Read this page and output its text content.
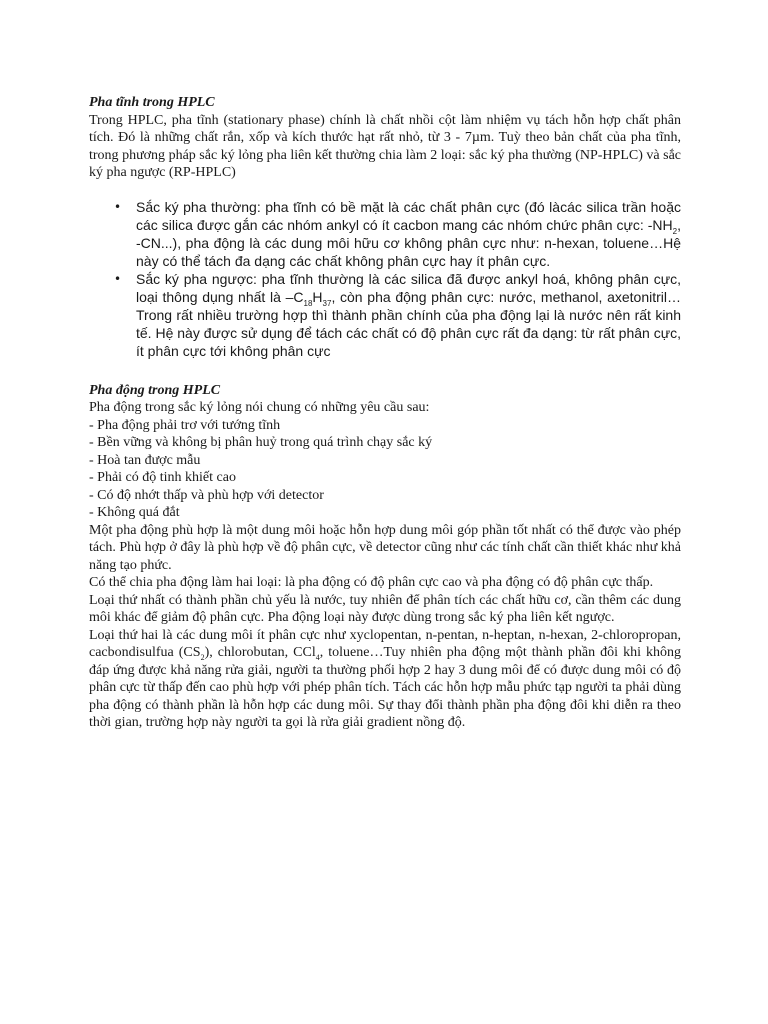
Pha tĩnh trong HPLC

Trong HPLC, pha tĩnh (stationary phase) chính là chất nhồi cột làm nhiệm vụ tách hỗn hợp chất phân tích. Đó là những chất rắn, xốp và kích thước hạt rất nhỏ, từ 3 - 7µm. Tuỳ theo bản chất của pha tĩnh, trong phương pháp sắc ký lỏng pha liên kết thường chia làm 2 loại: sắc ký pha thường (NP-HPLC) và sắc ký pha ngược (RP-HPLC)

• Sắc ký pha thường: pha tĩnh có bề mặt là các chất phân cực (đó làcác silica trần hoặc các silica được gắn các nhóm ankyl có ít cacbon mang các nhóm chức phân cực: $-NH_2$, -CN...), pha động là các dung môi hữu cơ không phân cực như: n-hexan, toluene…Hệ này có thể tách đa dạng các chất không phân cực hay ít phân cực.
• Sắc ký pha ngược: pha tĩnh thường là các silica đã được ankyl hoá, không phân cực, loại thông dụng nhất là $-C_{18}H_{37}$, còn pha động phân cực: nước, methanol, axetonitril…Trong rất nhiều trường hợp thì thành phần chính của pha động lại là nước nên rất kinh tế. Hệ này được sử dụng để tách các chất có độ phân cực rất đa dạng: từ rất phân cực, ít phân cực tới không phân cực

Pha động trong HPLC

Pha động trong sắc ký lỏng nói chung có những yêu cầu sau:

- Pha động phải trơ với tướng tĩnh

- Bền vững và không bị phân huỷ trong quá trình chạy sắc ký

- Hoà tan được mẫu

- Phải có độ tinh khiết cao

- Có độ nhớt thấp và phù hợp với detector

- Không quá đắt

Một pha động phù hợp là một dung môi hoặc hỗn hợp dung môi góp phần tốt nhất có thể được vào phép tách. Phù hợp ở đây là phù hợp về độ phân cực, về detector cũng như các tính chất cần thiết khác như khả năng tạo phức.

Có thể chia pha động làm hai loại: là pha động có độ phân cực cao và pha động có độ phân cực thấp.

Loại thứ nhất có thành phần chủ yếu là nước, tuy nhiên để phân tích các chất hữu cơ, cần thêm các dung môi khác để giảm độ phân cực. Pha động loại này được dùng trong sắc ký pha liên kết ngược.

Loại thứ hai là các dung môi ít phân cực như xyclopentan, n-pentan, n-heptan, n-hexan, 2-chloropropan, cacbondisulfua $(CS_2)$, chlorobutan, CCl$_4$, toluene…Tuy nhiên pha động một thành phần đôi khi không đáp ứng được khả năng rửa giải, người ta thường phối hợp 2 hay 3 dung môi để có được dung môi có độ phân cực từ thấp đến cao phù hợp với phép phân tích. Tách các hỗn hợp mẫu phức tạp người ta phải dùng pha động có thành phần là hỗn hợp các dung môi. Sự thay đổi thành phần pha động đôi khi diễn ra theo thời gian, trường hợp này người ta gọi là rửa giải gradient nồng độ.
